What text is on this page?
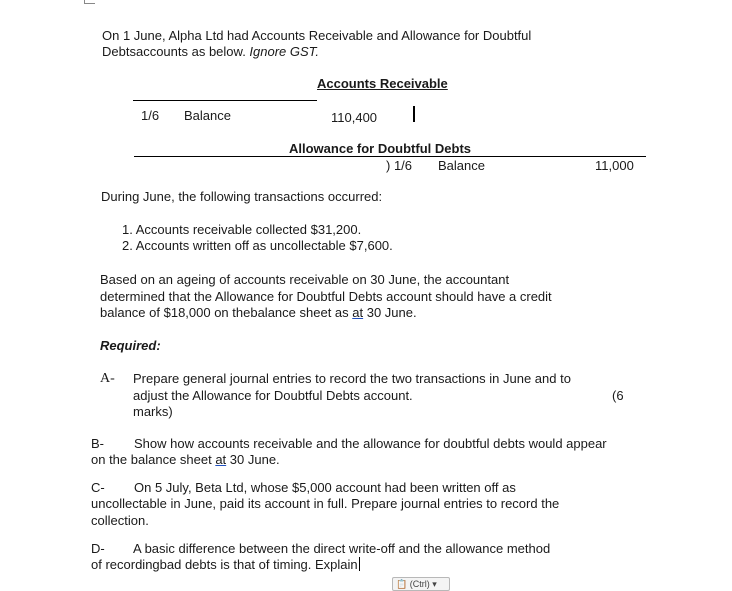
On 1 June, Alpha Ltd had Accounts Receivable and Allowance for Doubtful
Debtsaccounts as below. Ignore GST.
Accounts Receivable
1/6 Balance	110,400
Allowance for Doubtful Debts
) 1/6 Balance	11,000
During June, the following transactions occurred:
1. Accounts receivable collected $31,200.
2. Accounts written off as uncollectable $7,600.
Based on an ageing of accounts receivable on 30 June, the accountant
determined that the Allowance for Doubtful Debts account should have a credit
balance of $18,000 on thebalance sheet as at 30 June.
Required:
A- Prepare general journal entries to record the two transactions in June and to
adjust the Allowance for Doubtful Debts account.	(6
marks)
B- Show how accounts receivable and the allowance for doubtful debts would appear
on the balance sheet at 30 June.
C- On 5 July, Beta Ltd, whose $5,000 account had been written off as
uncollectable in June, paid its account in full. Prepare journal entries to record the
collection.
D- A basic difference between the direct write-off and the allowance method
of recordingbad debts is that of timing. Explain
📋 (Ctrl) ▾
